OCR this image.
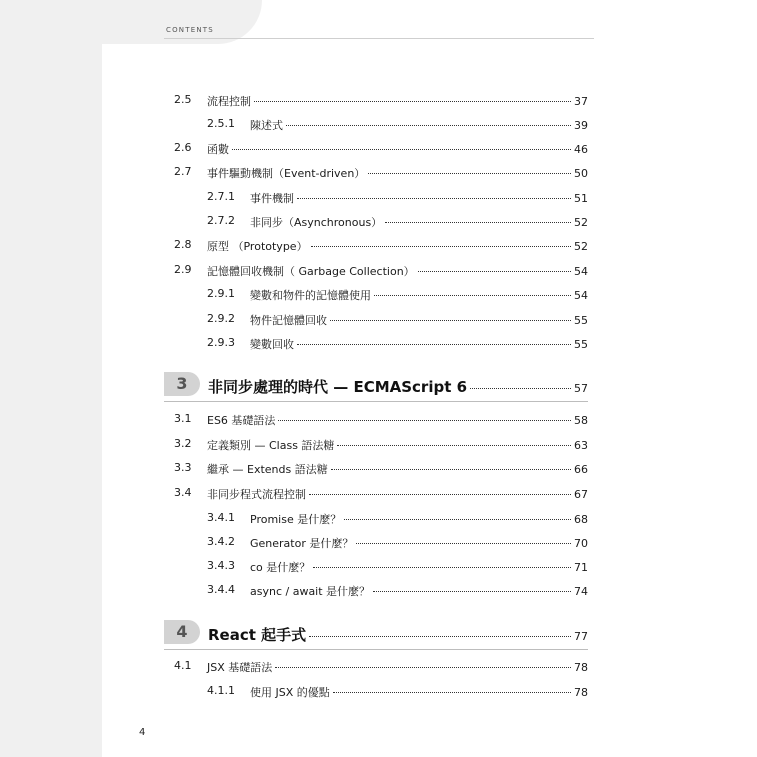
CONTENTS
2.5 流程控制	37
2.5.1 陳述式	39
2.6 函數	46
2.7 事件驅動機制（Event-driven）	50
2.7.1 事件機制	51
2.7.2 非同步（Asynchronous）	52
2.8 原型 （Prototype）	52
2.9 記憶體回收機制（ Garbage Collection）	54
2.9.1 變數和物件的記憶體使用	54
2.9.2 物件記憶體回收	55
2.9.3 變數回收	55
3	非同步處理的時代 — ECMAScript 6	57
3.1 ES6 基礎語法	58
3.2 定義類別 — Class 語法糖	63
3.3 繼承 — Extends 語法糖	66
3.4 非同步程式流程控制	67
3.4.1 Promise 是什麼？	68
3.4.2 Generator 是什麼？	70
3.4.3 co 是什麼？	71
3.4.4 async / await 是什麼？	74
4	React 起手式	77
4.1 JSX 基礎語法	78
4.1.1 使用 JSX 的優點	78
4
